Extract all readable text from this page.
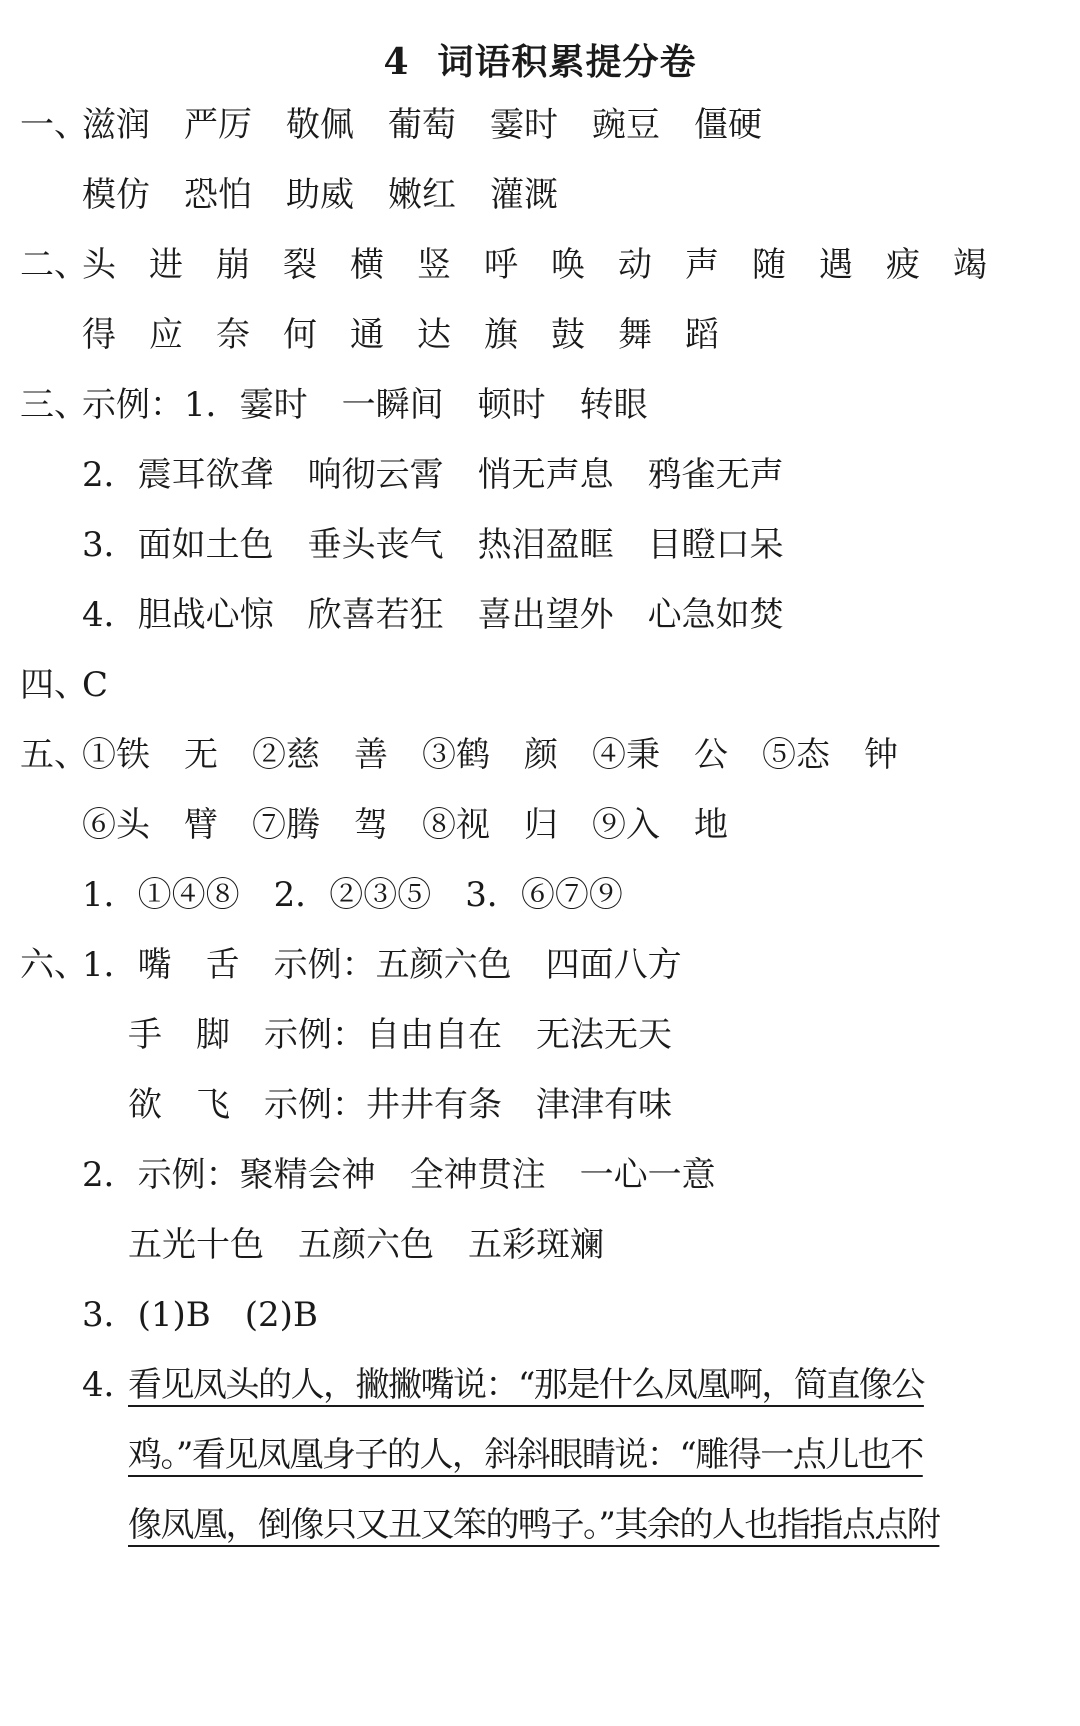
4 词语积累提分卷
一、
滋润　严厉　敬佩　葡萄　霎时　豌豆　僵硬
模仿　恐怕　助威　嫩红　灌溉
二、
头　进　崩　裂　横　竖　呼　唤　动　声　随　遇　疲　竭
得　应　奈　何　通　达　旗　鼓　舞　蹈
三、
示例：1．霎时　一瞬间　顿时　转眼
2．震耳欲聋　响彻云霄　悄无声息　鸦雀无声
3．面如土色　垂头丧气　热泪盈眶　目瞪口呆
4．胆战心惊　欣喜若狂　喜出望外　心急如焚
四、
C
五、
①铁　无　②慈　善　③鹤　颜　④秉　公　⑤态　钟
⑥头　臂　⑦腾　驾　⑧视　归　⑨入　地
1．①④⑧　2．②③⑤　3．⑥⑦⑨
六、
1．嘴　舌　示例：五颜六色　四面八方
手　脚　示例：自由自在　无法无天
欲　飞　示例：井井有条　津津有味
2．示例：聚精会神　全神贯注　一心一意
五光十色　五颜六色　五彩斑斓
3．(1)B　(2)B
4．
看见凤头的人，撇撇嘴说：“那是什么凤凰啊，简直像公
鸡。”看见凤凰身子的人，斜斜眼睛说：“雕得一点儿也不
像凤凰，倒像只又丑又笨的鸭子。”其余的人也指指点点附
